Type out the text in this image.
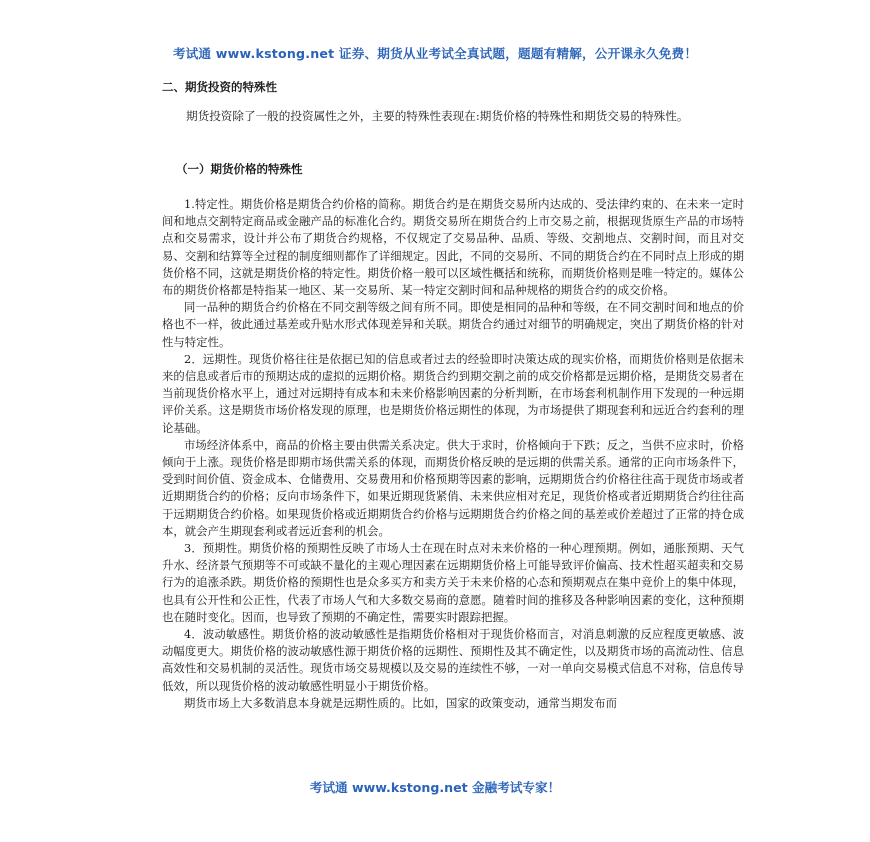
考试通 www.kstong.net 证券、期货从业考试全真试题，题题有精解，公开课永久免费！
二、期货投资的特殊性

期货投资除了一般的投资属性之外，主要的特殊性表现在:期货价格的特殊性和期货交易的特殊性。

（一）期货价格的特殊性

1.特定性。期货价格是期货合约价格的简称。期货合约是在期货交易所内达成的、受法律约束的、在未来一定时间和地点交割特定商品或金融产品的标准化合约。期货交易所在期货合约上市交易之前，根据现货原生产品的市场特点和交易需求，设计并公布了期货合约规格，不仅规定了交易品种、品质、等级、交割地点、交割时间，而且对交易、交割和结算等全过程的制度细则都作了详细规定。因此，不同的交易所、不同的期货合约在不同时点上形成的期货价格不同，这就是期货价格的特定性。期货价格一般可以区域性概括和统称，而期货价格则是唯一特定的。媒体公布的期货价格都是特指某一地区、某一交易所、某一特定交割时间和品种规格的期货合约的成交价格。

同一品种的期货合约价格在不同交割等级之间有所不同。即使是相同的品种和等级，在不同交割时间和地点的价格也不一样，彼此通过基差或升贴水形式体现差异和关联。期货合约通过对细节的明确规定，突出了期货价格的针对性与特定性。

2．远期性。现货价格往往是依据已知的信息或者过去的经验即时决策达成的现实价格，而期货价格则是依据未来的信息或者后市的预期达成的虚拟的远期价格。期货合约到期交割之前的成交价格都是远期价格，是期货交易者在当前现货价格水平上，通过对远期持有成本和未来价格影响因素的分析判断，在市场套利机制作用下发现的一种远期评价关系。这是期货市场价格发现的原理，也是期货价格远期性的体现，为市场提供了期现套利和远近合约套利的理论基础。

市场经济体系中，商品的价格主要由供需关系决定。供大于求时，价格倾向于下跌；反之，当供不应求时，价格倾向于上涨。现货价格是即期市场供需关系的体现，而期货价格反映的是远期的供需关系。通常的正向市场条件下，受到时间价值、资金成本、仓储费用、交易费用和价格预期等因素的影响，远期期货合约价格往往高于现货市场或者近期期货合约的价格；反向市场条件下，如果近期现货紧俏、未来供应相对充足，现货价格或者近期期货合约往往高于远期期货合约价格。如果现货价格或近期期货合约价格与远期期货合约价格之间的基差或价差超过了正常的持仓成本，就会产生期现套利或者远近套利的机会。

3．预期性。期货价格的预期性反映了市场人士在现在时点对未来价格的一种心理预期。例如，通胀预期、天气升水、经济景气预期等不可或缺不量化的主观心理因素在远期期货价格上可能导致评价偏高、技术性超买超卖和交易行为的追涨杀跌。期货价格的预期性也是众多买方和卖方关于未来价格的心态和预期观点在集中竞价上的集中体现，也具有公开性和公正性，代表了市场人气和大多数交易商的意愿。随着时间的推移及各种影响因素的变化，这种预期也在随时变化。因而，也导致了预期的不确定性，需要实时跟踪把握。

4．波动敏感性。期货价格的波动敏感性是指期货价格相对于现货价格而言，对消息刺激的反应程度更敏感、波动幅度更大。期货价格的波动敏感性源于期货价格的远期性、预期性及其不确定性，以及期货市场的高流动性、信息高效性和交易机制的灵活性。现货市场交易规模以及交易的连续性不够，一对一单向交易模式信息不对称，信息传导低效，所以现货价格的波动敏感性明显小于期货价格。

期货市场上大多数消息本身就是远期性质的。比如，国家的政策变动，通常当期发布而

考试通 www.kstong.net 金融考试专家！
